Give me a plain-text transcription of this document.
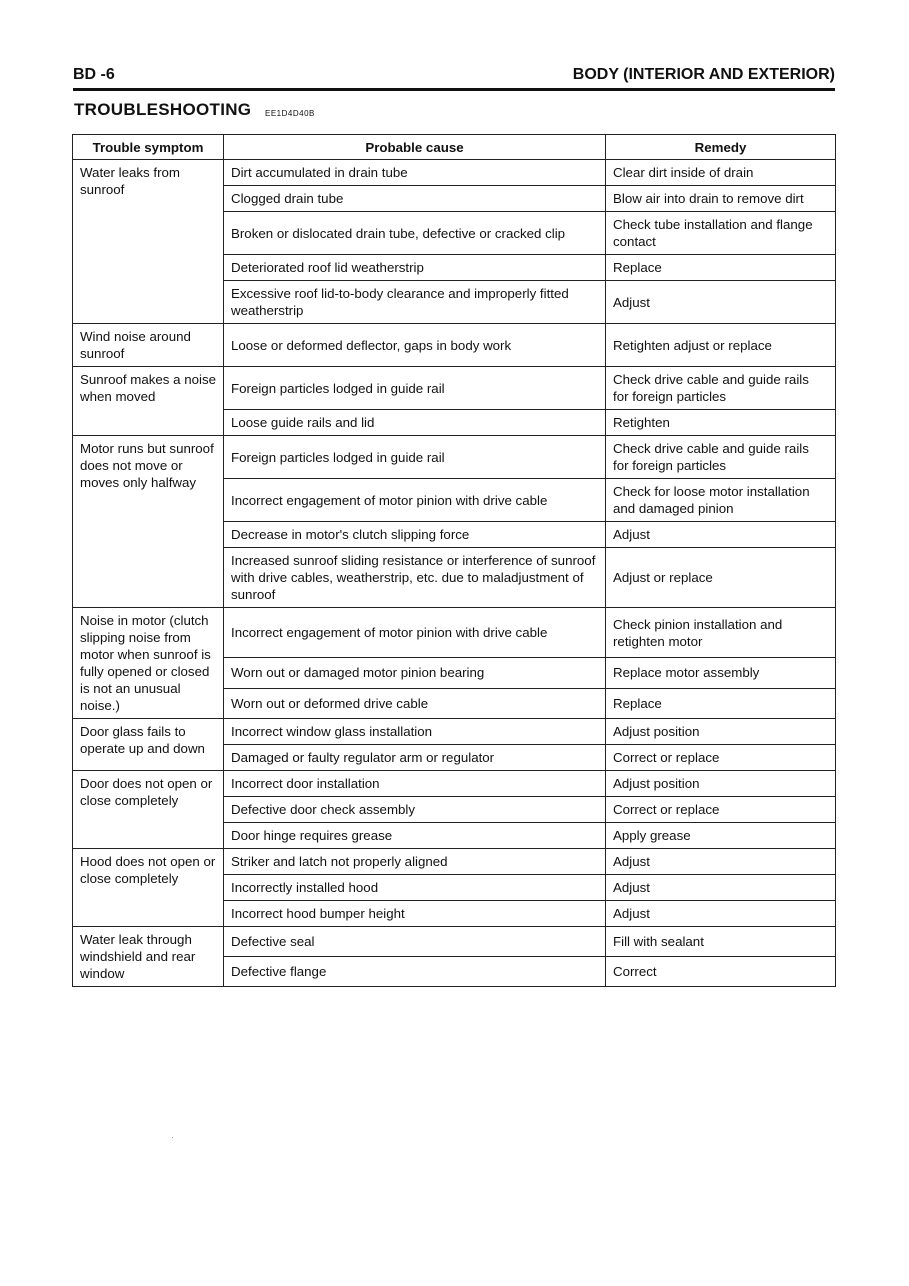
BD -6	BODY (INTERIOR AND EXTERIOR)
TROUBLESHOOTING EE1D4D40B
Trouble symptom	Probable cause	Remedy
Water leaks from sunroof	Dirt accumulated in drain tube	Clear dirt inside of drain
	Clogged drain tube	Blow air into drain to remove dirt
	Broken or dislocated drain tube, defective or cracked clip	Check tube installation and flange contact
	Deteriorated roof lid weatherstrip	Replace
	Excessive roof lid-to-body clearance and improperly fitted weatherstrip	Adjust
Wind noise around sunroof	Loose or deformed deflector, gaps in body work	Retighten adjust or replace
Sunroof makes a noise when moved	Foreign particles lodged in guide rail	Check drive cable and guide rails for foreign particles
	Loose guide rails and lid	Retighten
Motor runs but sunroof does not move or moves only halfway	Foreign particles lodged in guide rail	Check drive cable and guide rails for foreign particles
	Incorrect engagement of motor pinion with drive cable	Check for loose motor installation and damaged pinion
	Decrease in motor's clutch slipping force	Adjust
	Increased sunroof sliding resistance or interference of sunroof with drive cables, weatherstrip, etc. due to maladjustment of sunroof	Adjust or replace
Noise in motor (clutch slipping noise from motor when sunroof is fully opened or closed is not an unusual noise.)	Incorrect engagement of motor pinion with drive cable	Check pinion installation and retighten motor
	Worn out or damaged motor pinion bearing	Replace motor assembly
	Worn out or deformed drive cable	Replace
Door glass fails to operate up and down	Incorrect window glass installation	Adjust position
	Damaged or faulty regulator arm or regulator	Correct or replace
Door does not open or close completely	Incorrect door installation	Adjust position
	Defective door check assembly	Correct or replace
	Door hinge requires grease	Apply grease
Hood does not open or close completely	Striker and latch not properly aligned	Adjust
	Incorrectly installed hood	Adjust
	Incorrect hood bumper height	Adjust
Water leak through windshield and rear window	Defective seal	Fill with sealant
	Defective flange	Correct
